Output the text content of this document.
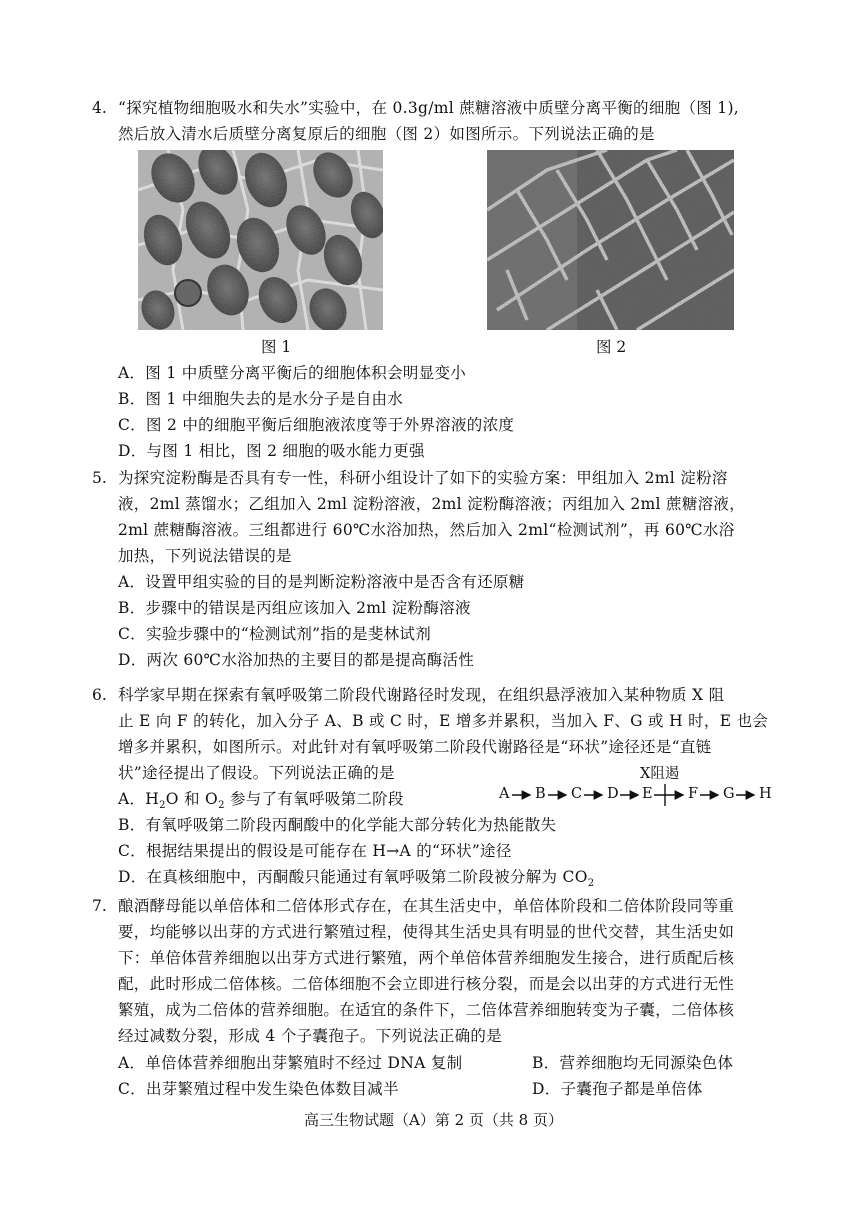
4. “探究植物细胞吸水和失水”实验中，在 0.3g/ml 蔗糖溶液中质壁分离平衡的细胞（图 1),
然后放入清水后质壁分离复原后的细胞（图 2）如图所示。下列说法正确的是
图 1	图 2
A．图 1 中质壁分离平衡后的细胞体积会明显变小
B．图 1 中细胞失去的是水分子是自由水
C．图 2 中的细胞平衡后细胞液浓度等于外界溶液的浓度
D．与图 1 相比，图 2 细胞的吸水能力更强
5. 为探究淀粉酶是否具有专一性，科研小组设计了如下的实验方案：甲组加入 2ml 淀粉溶
液，2ml 蒸馏水；乙组加入 2ml 淀粉溶液，2ml 淀粉酶溶液；丙组加入 2ml 蔗糖溶液，
2ml 蔗糖酶溶液。三组都进行 60℃水浴加热，然后加入 2ml“检测试剂”，再 60℃水浴
加热，下列说法错误的是
A．设置甲组实验的目的是判断淀粉溶液中是否含有还原糖
B．步骤中的错误是丙组应该加入 2ml 淀粉酶溶液
C．实验步骤中的“检测试剂”指的是斐林试剂
D．两次 60℃水浴加热的主要目的都是提高酶活性
6. 科学家早期在探索有氧呼吸第二阶段代谢路径时发现，在组织悬浮液加入某种物质 X 阻
止 E 向 F 的转化，加入分子 A、B 或 C 时，E 增多并累积，当加入 F、G 或 H 时，E 也会
增多并累积，如图所示。对此针对有氧呼吸第二阶段代谢路径是“环状”途径还是“直链
状”途径提出了假设。下列说法正确的是	X阻遏
A B C D E F G H
A．$H_2O$ 和 $O_2$ 参与了有氧呼吸第二阶段
B．有氧呼吸第二阶段丙酮酸中的化学能大部分转化为热能散失
C．根据结果提出的假设是可能存在 H→A 的“环状”途径
D．在真核细胞中，丙酮酸只能通过有氧呼吸第二阶段被分解为 $CO_2$
7. 酿酒酵母能以单倍体和二倍体形式存在，在其生活史中，单倍体阶段和二倍体阶段同等重
要，均能够以出芽的方式进行繁殖过程，使得其生活史具有明显的世代交替，其生活史如
下：单倍体营养细胞以出芽方式进行繁殖，两个单倍体营养细胞发生接合，进行质配后核
配，此时形成二倍体核。二倍体细胞不会立即进行核分裂，而是会以出芽的方式进行无性
繁殖，成为二倍体的营养细胞。在适宜的条件下，二倍体营养细胞转变为子囊，二倍体核
经过减数分裂，形成 4 个子囊孢子。下列说法正确的是
A．单倍体营养细胞出芽繁殖时不经过 DNA 复制	B．营养细胞均无同源染色体
C．出芽繁殖过程中发生染色体数目减半	D．子囊孢子都是单倍体
高三生物试题（A）第 2 页（共 8 页）
